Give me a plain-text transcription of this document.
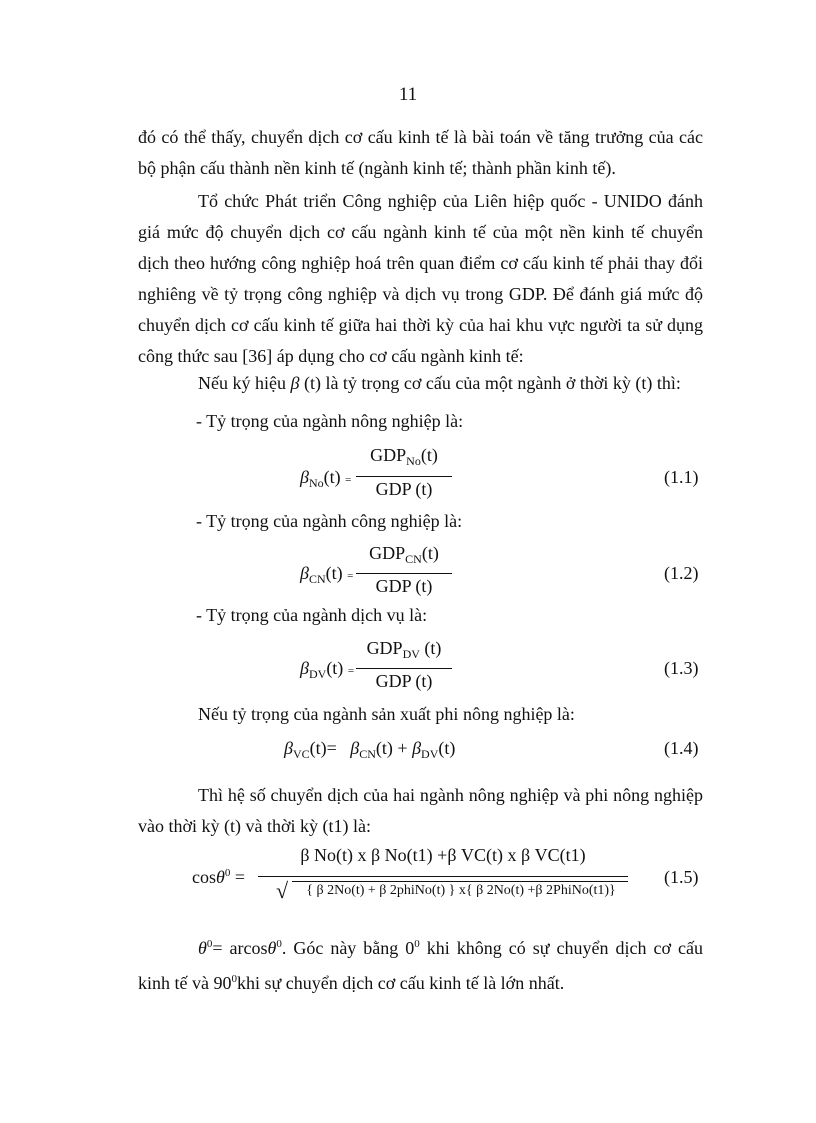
11

đó có thể thấy, chuyển dịch cơ cấu kinh tế là bài toán về tăng trưởng của các bộ phận cấu thành nền kinh tế (ngành kinh tế; thành phần kinh tế).

Tổ chức Phát triển Công nghiệp của Liên hiệp quốc - UNIDO đánh giá mức độ chuyển dịch cơ cấu ngành kinh tế của một nền kinh tế chuyển dịch theo hướng công nghiệp hoá trên quan điểm cơ cấu kinh tế phải thay đổi nghiêng về tỷ trọng công nghiệp và dịch vụ trong GDP. Để đánh giá mức độ chuyển dịch cơ cấu kinh tế giữa hai thời kỳ của hai khu vực người ta sử dụng công thức sau [36] áp dụng cho cơ cấu ngành kinh tế:

Nếu ký hiệu β (t) là tỷ trọng cơ cấu của một ngành ở thời kỳ (t) thì:
- Tỷ trọng của ngành nông nghiệp là:
$\beta_{No}(t)$ =
$GDP_{No}(t)$
GDP (t)
(1.1)
- Tỷ trọng của ngành công nghiệp là:
$\beta_{CN}(t)$ =
$GDP_{CN}(t)$
GDP (t)
(1.2)
- Tỷ trọng của ngành dịch vụ là:
$\beta_{DV}(t)$ =
$GDP_{DV}$ (t)
GDP (t)
(1.3)
Nếu tỷ trọng của ngành sản xuất phi nông nghiệp là:
$\beta_{VC}(t)= \beta_{CN}(t) + \beta_{DV}(t)$	(1.4)

Thì hệ số chuyển dịch của hai ngành nông nghiệp và phi nông nghiệp vào thời kỳ (t) và thời kỳ (t1) là:

cosθ$^0$ =
β No(t) x β No(t1) +β VC(t) x β VC(t1)
√	{ β 2No(t) + β 2phiNo(t) } x{ β 2No(t) +β 2PhiNo(t1)}
(1.5)

$\theta^0= arcos\theta^0$. Góc này bằng $0^0$ khi không có sự chuyển dịch cơ cấu kinh tế và $90^0khi$ sự chuyển dịch cơ cấu kinh tế là lớn nhất.
